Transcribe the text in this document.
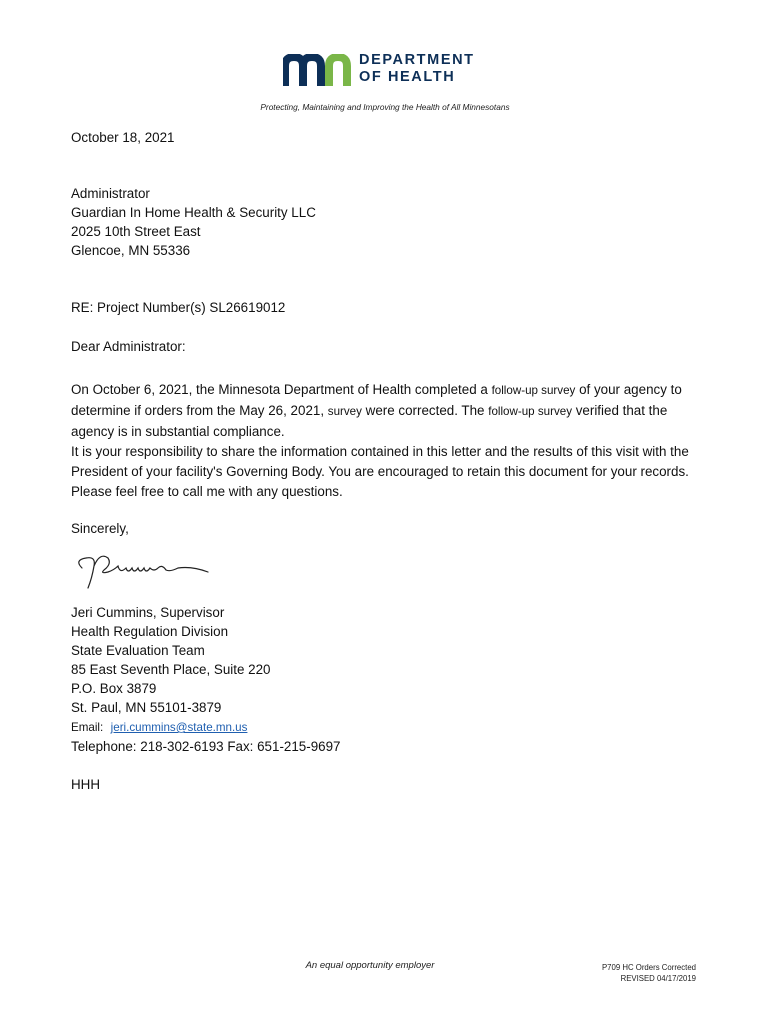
DEPARTMENT
OF HEALTH
Protecting, Maintaining and Improving the Health of All Minnesotans
October 18, 2021
Administrator
Guardian In Home Health & Security LLC
2025 10th Street East
Glencoe, MN 55336
RE: Project Number(s) SL26619012
Dear Administrator:
On October 6, 2021, the Minnesota Department of Health completed a follow-up survey of your agency to determine if orders from the May 26, 2021, survey were corrected. The follow-up survey verified that the agency is in substantial compliance.
It is your responsibility to share the information contained in this letter and the results of this visit with the President of your facility's Governing Body. You are encouraged to retain this document for your records. Please feel free to call me with any questions.
Sincerely,
Jeri Cummins, Supervisor
Health Regulation Division
State Evaluation Team
85 East Seventh Place, Suite 220
P.O. Box 3879
St. Paul, MN 55101-3879
Email: jeri.cummins@state.mn.us
Telephone: 218-302-6193 Fax: 651-215-9697
HHH
An equal opportunity employer	P709 HC Orders Corrected
REVISED 04/17/2019
